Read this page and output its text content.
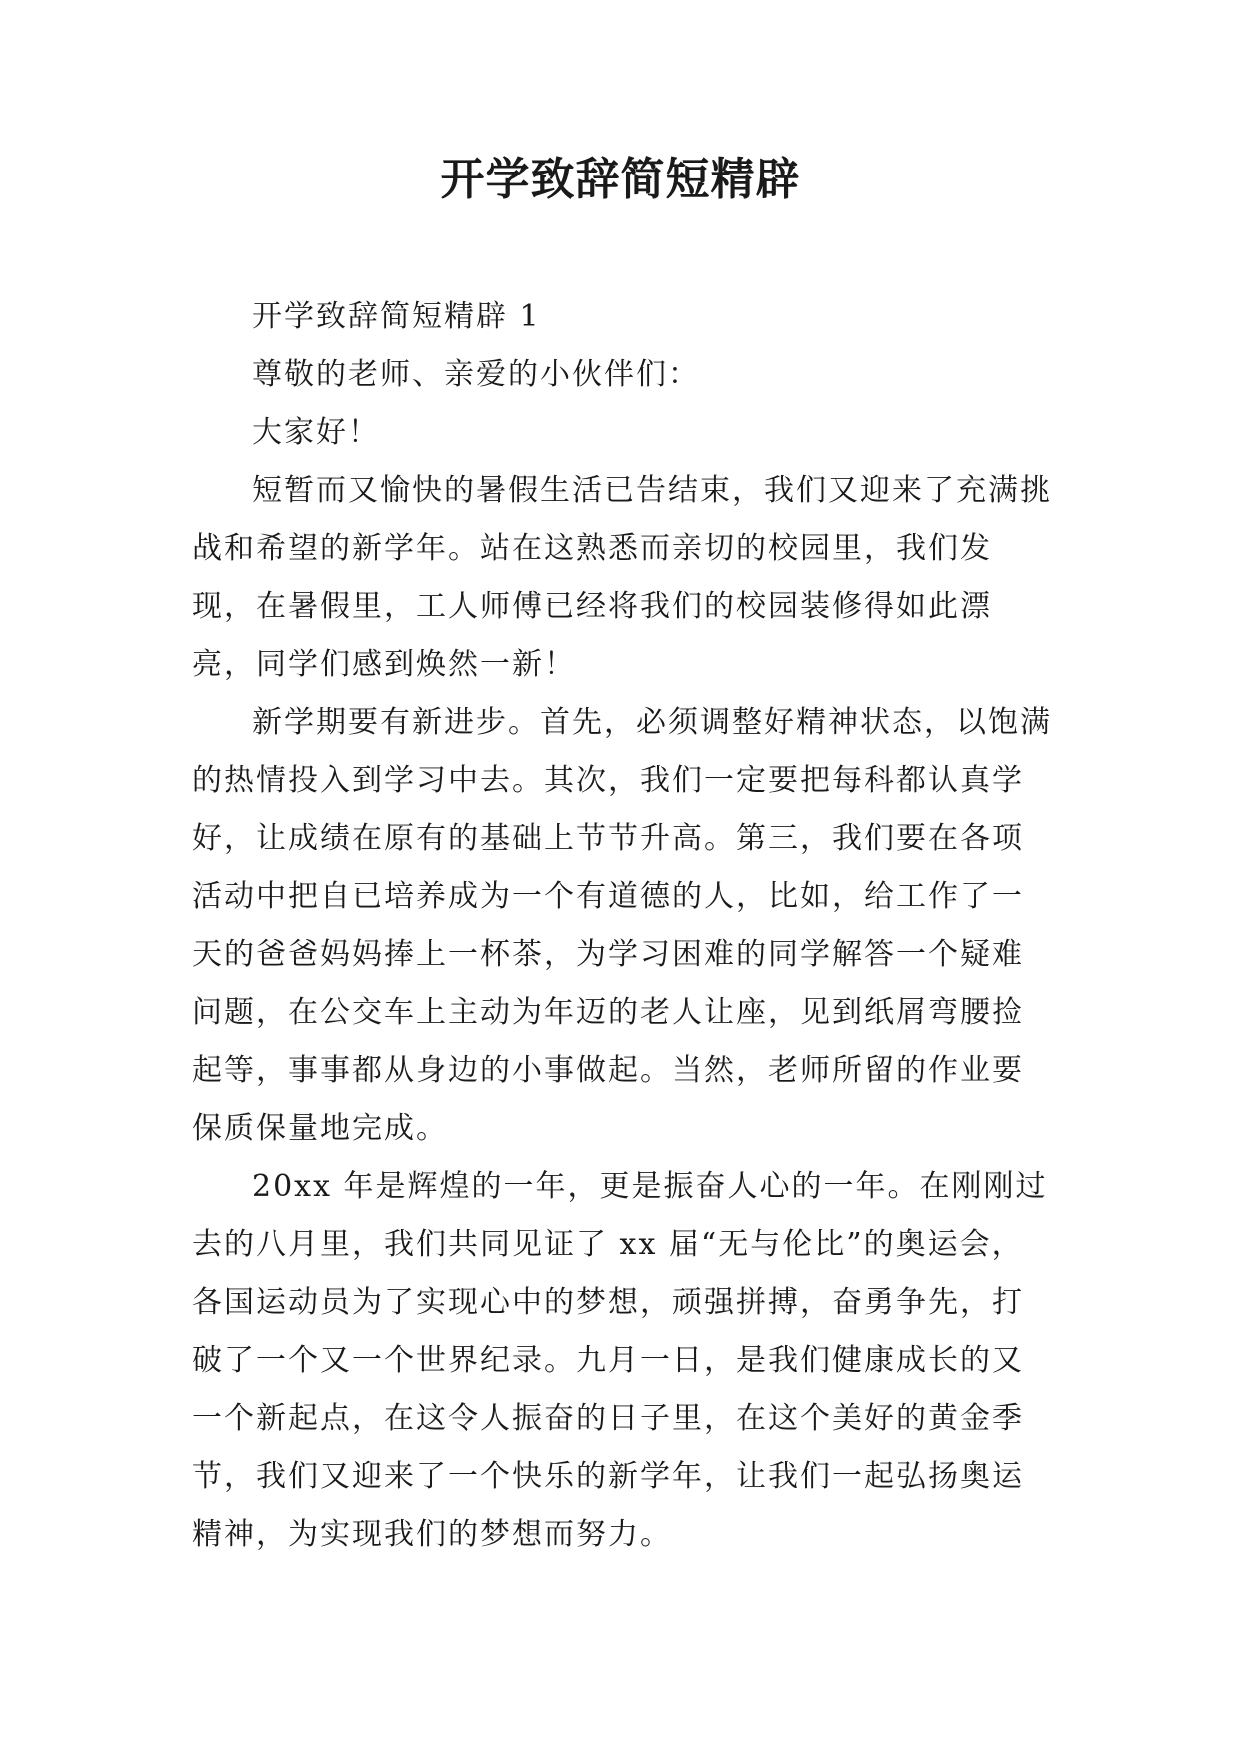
开学致辞简短精辟

开学致辞简短精辟 1

尊敬的老师、亲爱的小伙伴们：

大家好！

短暂而又愉快的暑假生活已告结束，我们又迎来了充满挑战和希望的新学年。站在这熟悉而亲切的校园里，我们发现，在暑假里，工人师傅已经将我们的校园装修得如此漂亮，同学们感到焕然一新！

新学期要有新进步。首先，必须调整好精神状态，以饱满的热情投入到学习中去。其次，我们一定要把每科都认真学好，让成绩在原有的基础上节节升高。第三，我们要在各项活动中把自已培养成为一个有道德的人，比如，给工作了一天的爸爸妈妈捧上一杯茶，为学习困难的同学解答一个疑难问题，在公交车上主动为年迈的老人让座，见到纸屑弯腰捡起等，事事都从身边的小事做起。当然，老师所留的作业要保质保量地完成。

20xx 年是辉煌的一年，更是振奋人心的一年。在刚刚过去的八月里，我们共同见证了 xx 届“无与伦比”的奥运会，各国运动员为了实现心中的梦想，顽强拼搏，奋勇争先，打破了一个又一个世界纪录。九月一日，是我们健康成长的又一个新起点，在这令人振奋的日子里，在这个美好的黄金季节，我们又迎来了一个快乐的新学年，让我们一起弘扬奥运精神，为实现我们的梦想而努力。
